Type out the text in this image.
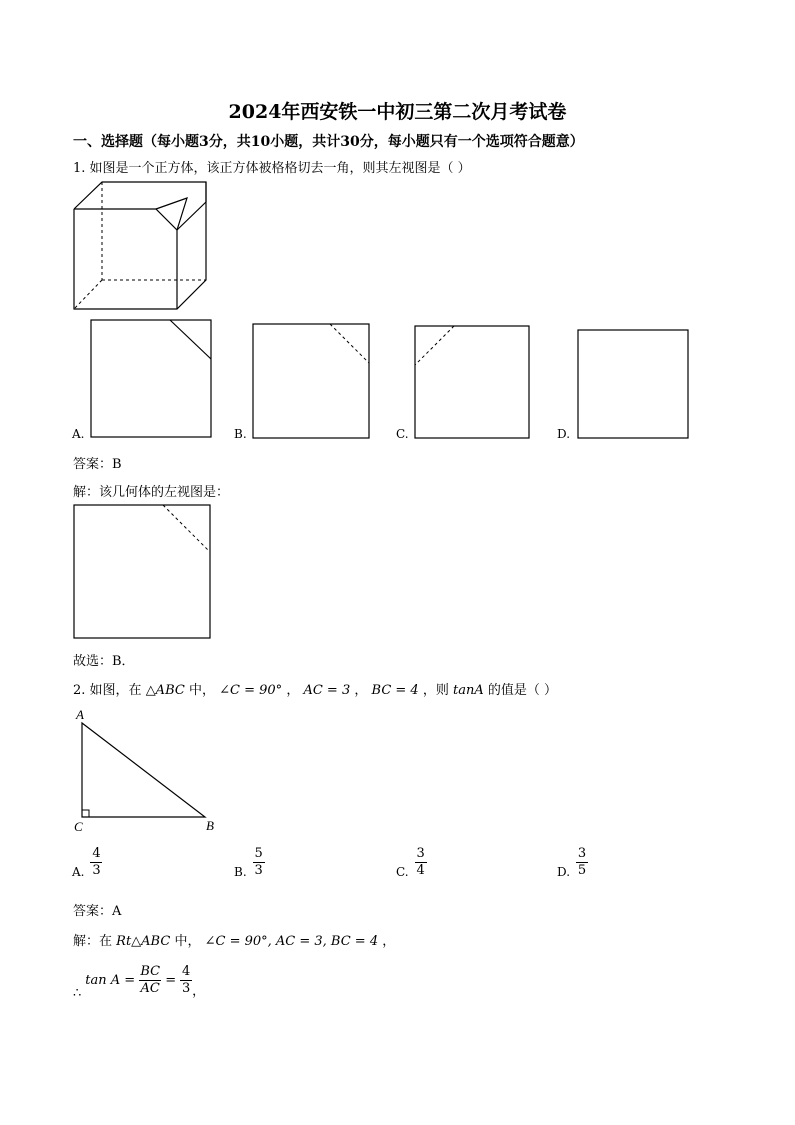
2024年西安铁一中初三第二次月考试卷
一、选择题（每小题3分，共10小题，共计30分，每小题只有一个选项符合题意）
1. 如图是一个正方体，该正方体被格格切去一角，则其左视图是（ ）
A.	B.	C.	D.
答案：B
解：该几何体的左视图是：
故选：B．
2. 如图，在 △ABC 中， ∠C = 90° ， AC = 3 ， BC = 4 ，则 tanA 的值是（ ）
A
C	B
A. $\frac{4}{3}$	B. $\frac{5}{3}$	C. $\frac{3}{4}$	D. $\frac{3}{5}$
答案：A
解：在 Rt△ABC 中， ∠C = 90°, AC = 3, BC = 4 ，
∴
$\tan A = \frac{BC}{AC} = \frac{4}{3}$ ，
